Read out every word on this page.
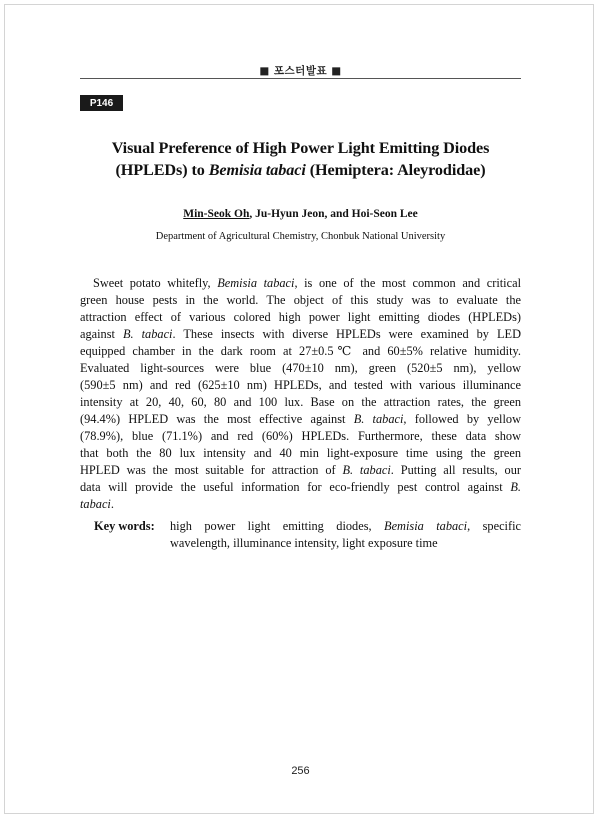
■ 포스터발표 ■
P146
Visual Preference of High Power Light Emitting Diodes
(HPLEDs) to Bemisia tabaci (Hemiptera: Aleyrodidae)
Min-Seok Oh, Ju-Hyun Jeon, and Hoi-Seon Lee
Department of Agricultural Chemistry, Chonbuk National University
Sweet potato whitefly, Bemisia tabaci, is one of the most common and critical
green house pests in the world. The object of this study was to evaluate the
attraction effect of various colored high power light emitting diodes (HPLEDs)
against B. tabaci. These insects with diverse HPLEDs were examined by LED
equipped chamber in the dark room at 27±0.5℃ and 60±5% relative humidity.
Evaluated light-sources were blue (470±10 nm), green (520±5 nm), yellow
(590±5 nm) and red (625±10 nm) HPLEDs, and tested with various illuminance
intensity at 20, 40, 60, 80 and 100 lux. Base on the attraction rates, the green
(94.4%) HPLED was the most effective against B. tabaci, followed by yellow
(78.9%), blue (71.1%) and red (60%) HPLEDs. Furthermore, these data show
that both the 80 lux intensity and 40 min light-exposure time using the green
HPLED was the most suitable for attraction of B. tabaci. Putting all results, our
data will provide the useful information for eco-friendly pest control against B.
tabaci.
Key words: high power light emitting diodes, Bemisia tabaci, specific
wavelength, illuminance intensity, light exposure time
256
